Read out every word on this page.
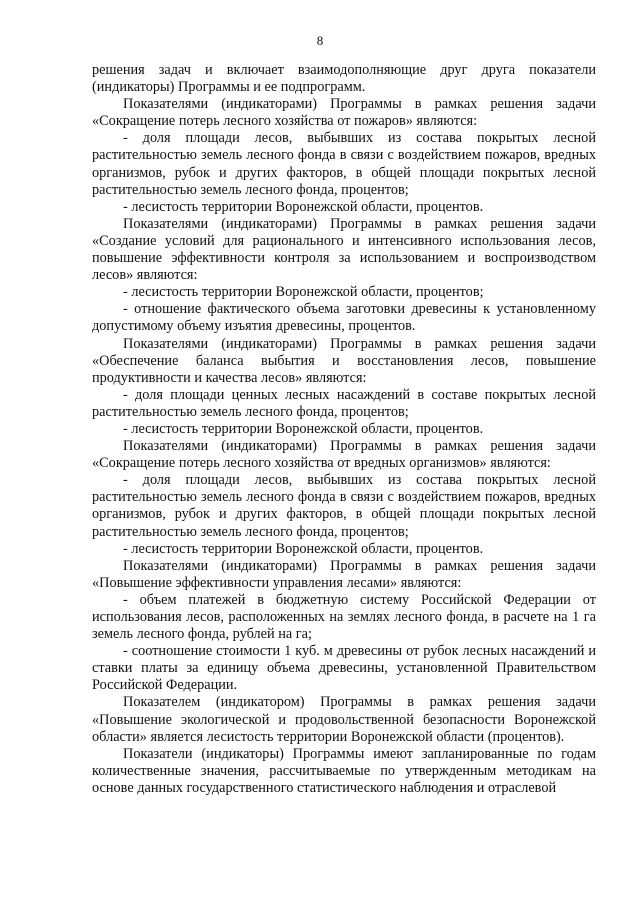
8

решения задач и включает взаимодополняющие друг друга показатели (индикаторы) Программы и ее подпрограмм.

Показателями (индикаторами) Программы в рамках решения задачи «Сокращение потерь лесного хозяйства от пожаров» являются:

- доля площади лесов, выбывших из состава покрытых лесной растительностью земель лесного фонда в связи с воздействием пожаров, вредных организмов, рубок и других факторов, в общей площади покрытых лесной растительностью земель лесного фонда, процентов;

- лесистость территории Воронежской области, процентов.

Показателями (индикаторами) Программы в рамках решения задачи «Создание условий для рационального и интенсивного использования лесов, повышение эффективности контроля за использованием и воспроизводством лесов» являются:

- лесистость территории Воронежской области, процентов;

- отношение фактического объема заготовки древесины к установленному допустимому объему изъятия древесины, процентов.

Показателями (индикаторами) Программы в рамках решения задачи «Обеспечение баланса выбытия и восстановления лесов, повышение продуктивности и качества лесов» являются:

- доля площади ценных лесных насаждений в составе покрытых лесной растительностью земель лесного фонда, процентов;

- лесистость территории Воронежской области, процентов.

Показателями (индикаторами) Программы в рамках решения задачи «Сокращение потерь лесного хозяйства от вредных организмов» являются:

- доля площади лесов, выбывших из состава покрытых лесной растительностью земель лесного фонда в связи с воздействием пожаров, вредных организмов, рубок и других факторов, в общей площади покрытых лесной растительностью земель лесного фонда, процентов;

- лесистость территории Воронежской области, процентов.

Показателями (индикаторами) Программы в рамках решения задачи «Повышение эффективности управления лесами» являются:

- объем платежей в бюджетную систему Российской Федерации от использования лесов, расположенных на землях лесного фонда, в расчете на 1 га земель лесного фонда, рублей на га;

- соотношение стоимости 1 куб. м древесины от рубок лесных насаждений и ставки платы за единицу объема древесины, установленной Правительством Российской Федерации.

Показателем (индикатором) Программы в рамках решения задачи «Повышение экологической и продовольственной безопасности Воронежской области» является лесистость территории Воронежской области (процентов).

Показатели (индикаторы) Программы имеют запланированные по годам количественные значения, рассчитываемые по утвержденным методикам на основе данных государственного статистического наблюдения и отраслевой
